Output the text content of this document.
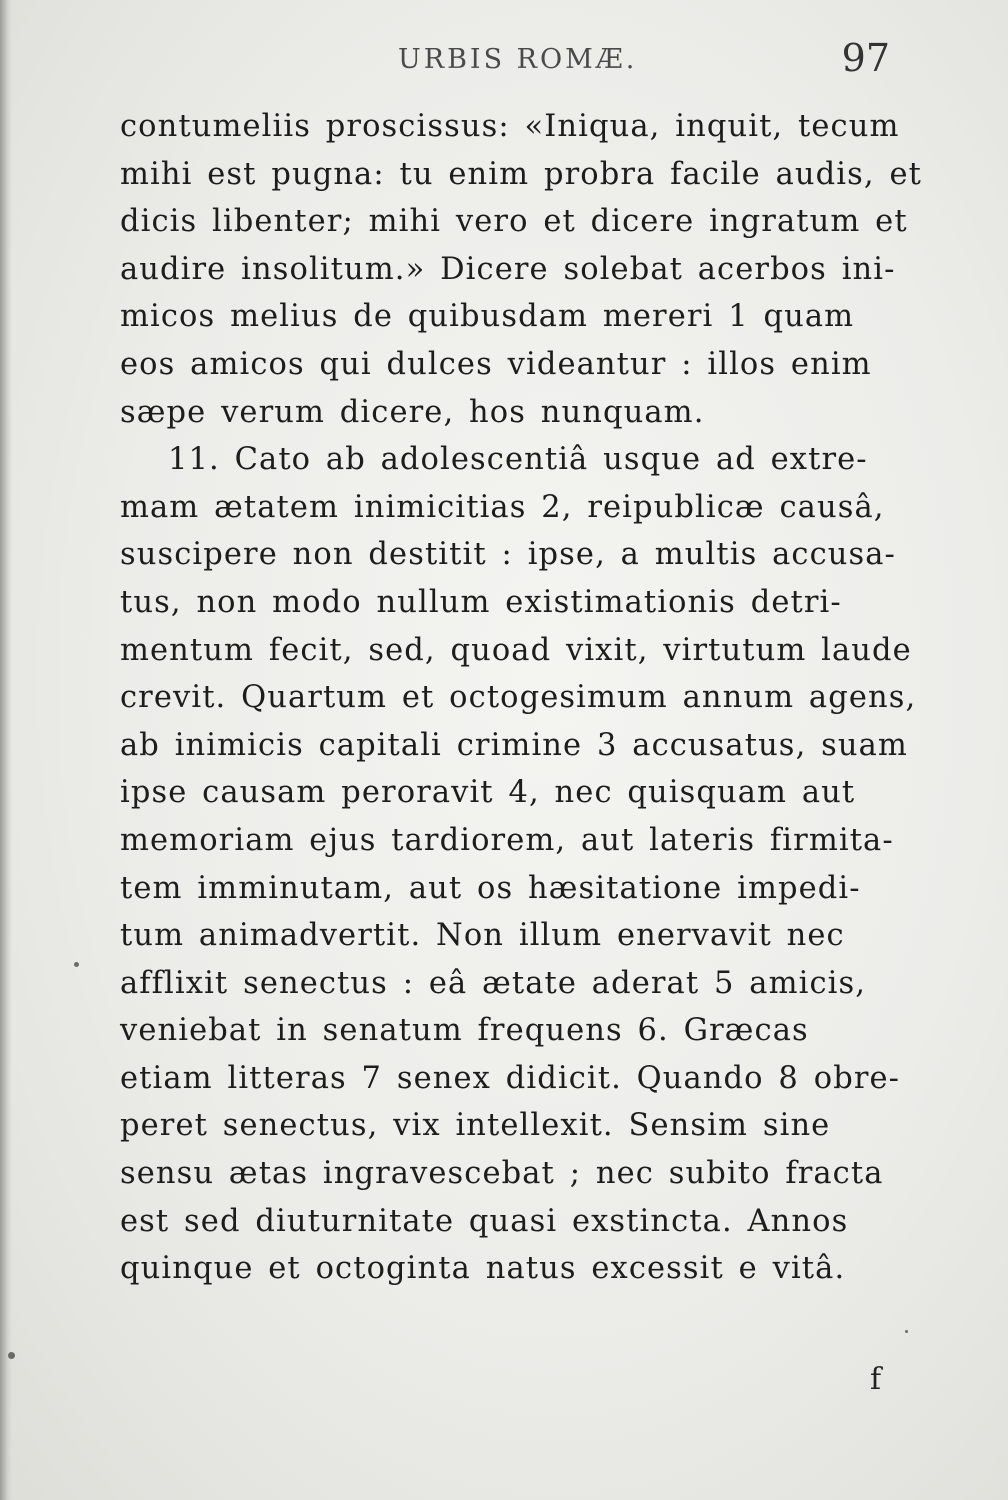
URBIS ROMÆ.	97
contumeliis proscissus: «Iniqua, inquit, tecum
mihi est pugna: tu enim probra facile audis, et
dicis libenter; mihi vero et dicere ingratum et
audire insolitum.» Dicere solebat acerbos ini-
micos melius de quibusdam mereri 1 quam
eos amicos qui dulces videantur : illos enim
sæpe verum dicere, hos nunquam.
11. Cato ab adolescentiâ usque ad extre-
mam ætatem inimicitias 2, reipublicæ causâ,
suscipere non destitit : ipse, a multis accusa-
tus, non modo nullum existimationis detri-
mentum fecit, sed, quoad vixit, virtutum laude
crevit. Quartum et octogesimum annum agens,
ab inimicis capitali crimine 3 accusatus, suam
ipse causam peroravit 4, nec quisquam aut
memoriam ejus tardiorem, aut lateris firmita-
tem imminutam, aut os hæsitatione impedi-
tum animadvertit. Non illum enervavit nec
afflixit senectus : eâ ætate aderat 5 amicis,
veniebat in senatum frequens 6. Græcas
etiam litteras 7 senex didicit. Quando 8 obre-
peret senectus, vix intellexit. Sensim sine
sensu ætas ingravescebat ; nec subito fracta
est sed diuturnitate quasi exstincta. Annos
quinque et octoginta natus excessit e vitâ.
f
